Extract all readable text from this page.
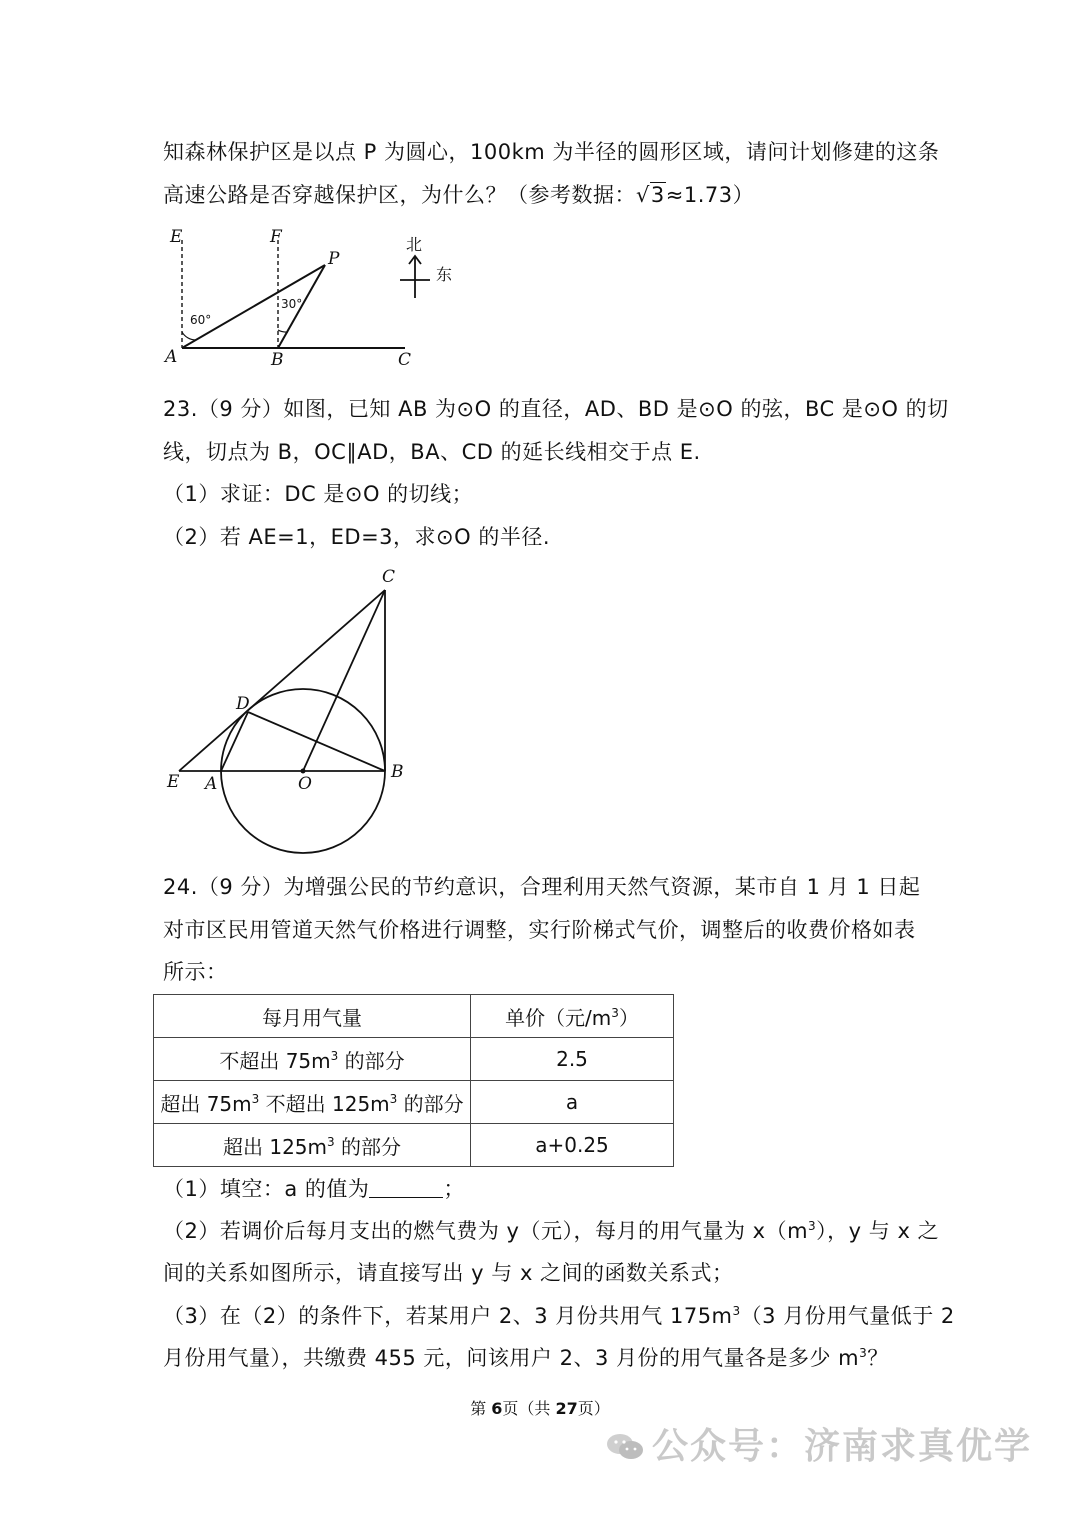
知森林保护区是以点 P 为圆心，100km 为半径的圆形区域，请问计划修建的这条
高速公路是否穿越保护区，为什么？（参考数据：√3≈1.73）
E	F
P
A	B	C
60°
30°
北
东
23.（9 分）如图，已知 AB 为⊙O 的直径，AD、BD 是⊙O 的弦，BC 是⊙O 的切
线，切点为 B，OC∥AD，BA、CD 的延长线相交于点 E.
（1）求证：DC 是⊙O 的切线；
（2）若 AE=1，ED=3，求⊙O 的半径.
C
D
E A	O
B
24.（9 分）为增强公民的节约意识，合理利用天然气资源，某市自 1 月 1 日起
对市区民用管道天然气价格进行调整，实行阶梯式气价，调整后的收费价格如表
所示：
每月用气量	单价（元$/m^3$）
不超出 $75m^3$ 的部分	2.5
超出 $75m^3$ 不超出 $125m^3$ 的部分	a
超出 $125m^3$ 的部分	a+0.25
（1）填空：a 的值为	；
（2）若调价后每月支出的燃气费为 y（元），每月的用气量为 $x(m^3)$，y 与 x 之
间的关系如图所示，请直接写出 y 与 x 之间的函数关系式；
（3）在（2）的条件下，若某用户 2、3 月份共用气 $175m^3(3$ 月份用气量低于 2
月份用气量），共缴费 455 元，问该用户 2、3 月份的用气量各是多少 $m^3$？
第 6页（共 27页）
公众号：济南求真优学
